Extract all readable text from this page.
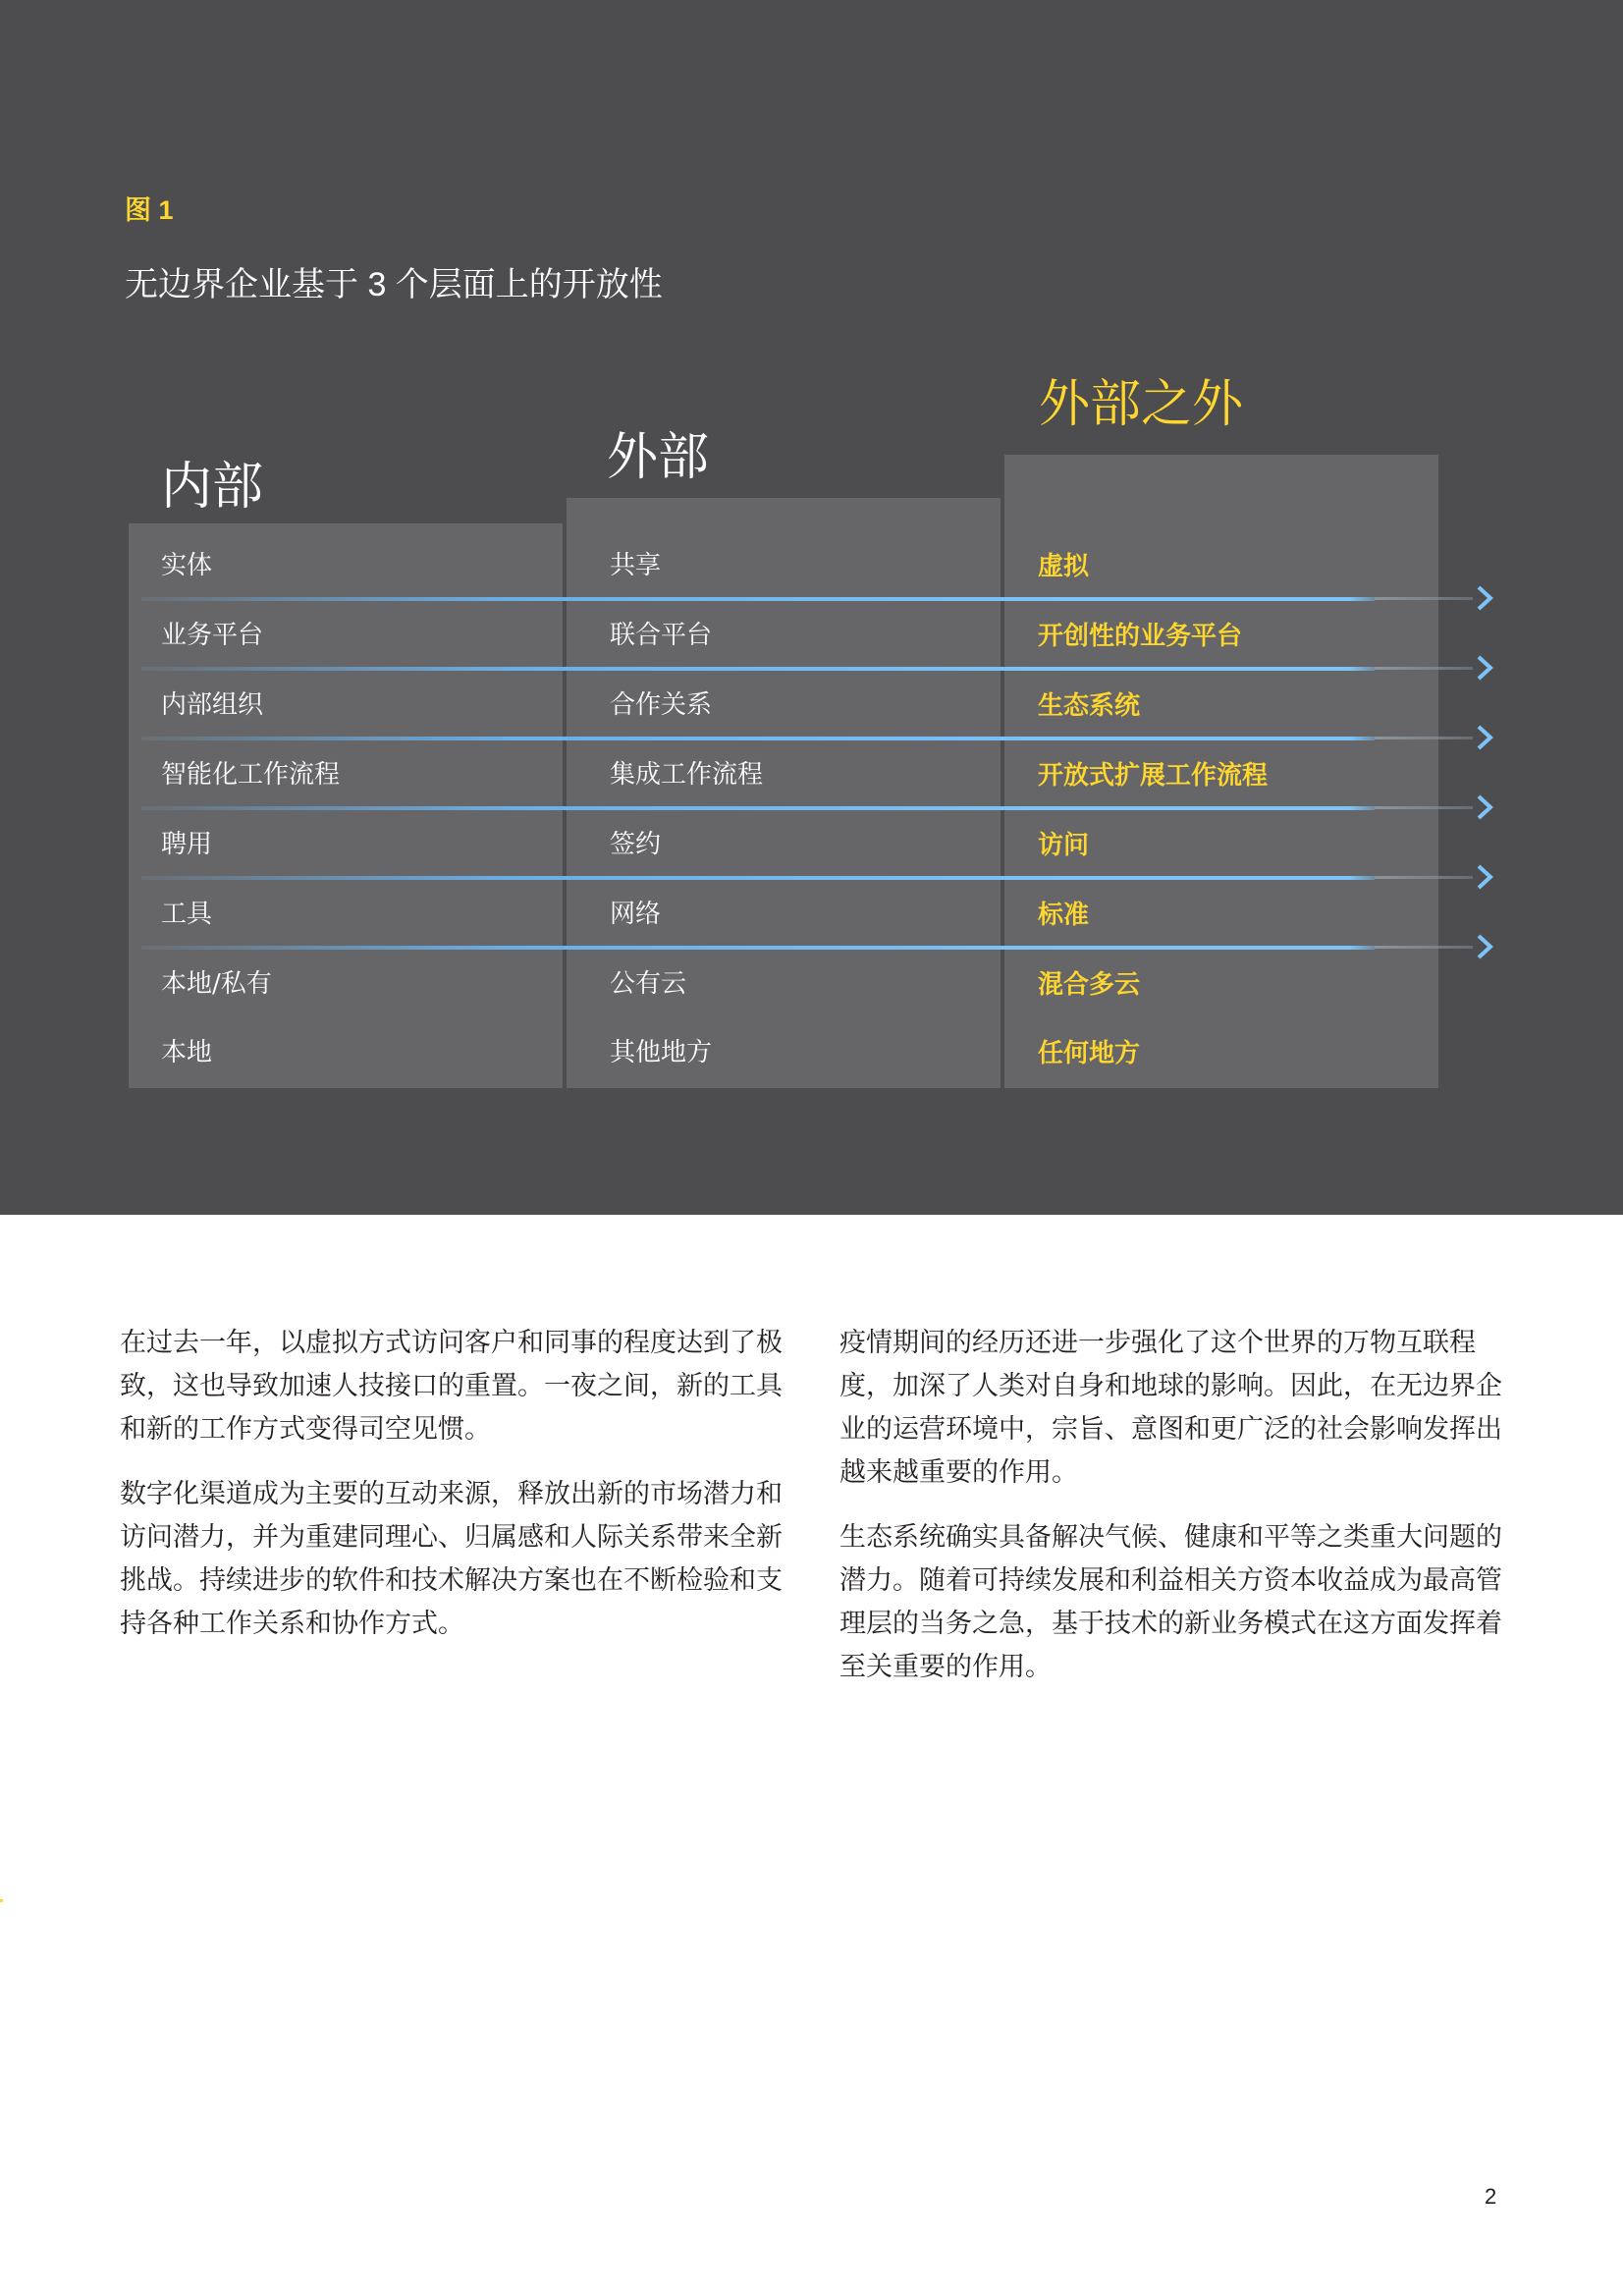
图 1
无边界企业基于 3 个层面上的开放性
内部
外部
外部之外
实体
业务平台
内部组织
智能化工作流程
聘用
工具
本地/私有
本地
共享
联合平台
合作关系
集成工作流程
签约
网络
公有云
其他地方
虚拟
开创性的业务平台
生态系统
开放式扩展工作流程
访问
标准
混合多云
任何地方

在过去一年，以虚拟方式访问客户和同事的程度达到了极致，这也导致加速人技接口的重置。一夜之间，新的工具和新的工作方式变得司空见惯。

数字化渠道成为主要的互动来源，释放出新的市场潜力和访问潜力，并为重建同理心、归属感和人际关系带来全新挑战。持续进步的软件和技术解决方案也在不断检验和支持各种工作关系和协作方式。

疫情期间的经历还进一步强化了这个世界的万物互联程度，加深了人类对自身和地球的影响。因此，在无边界企业的运营环境中，宗旨、意图和更广泛的社会影响发挥出越来越重要的作用。

生态系统确实具备解决气候、健康和平等之类重大问题的潜力。随着可持续发展和利益相关方资本收益成为最高管理层的当务之急，基于技术的新业务模式在这方面发挥着至关重要的作用。

2
